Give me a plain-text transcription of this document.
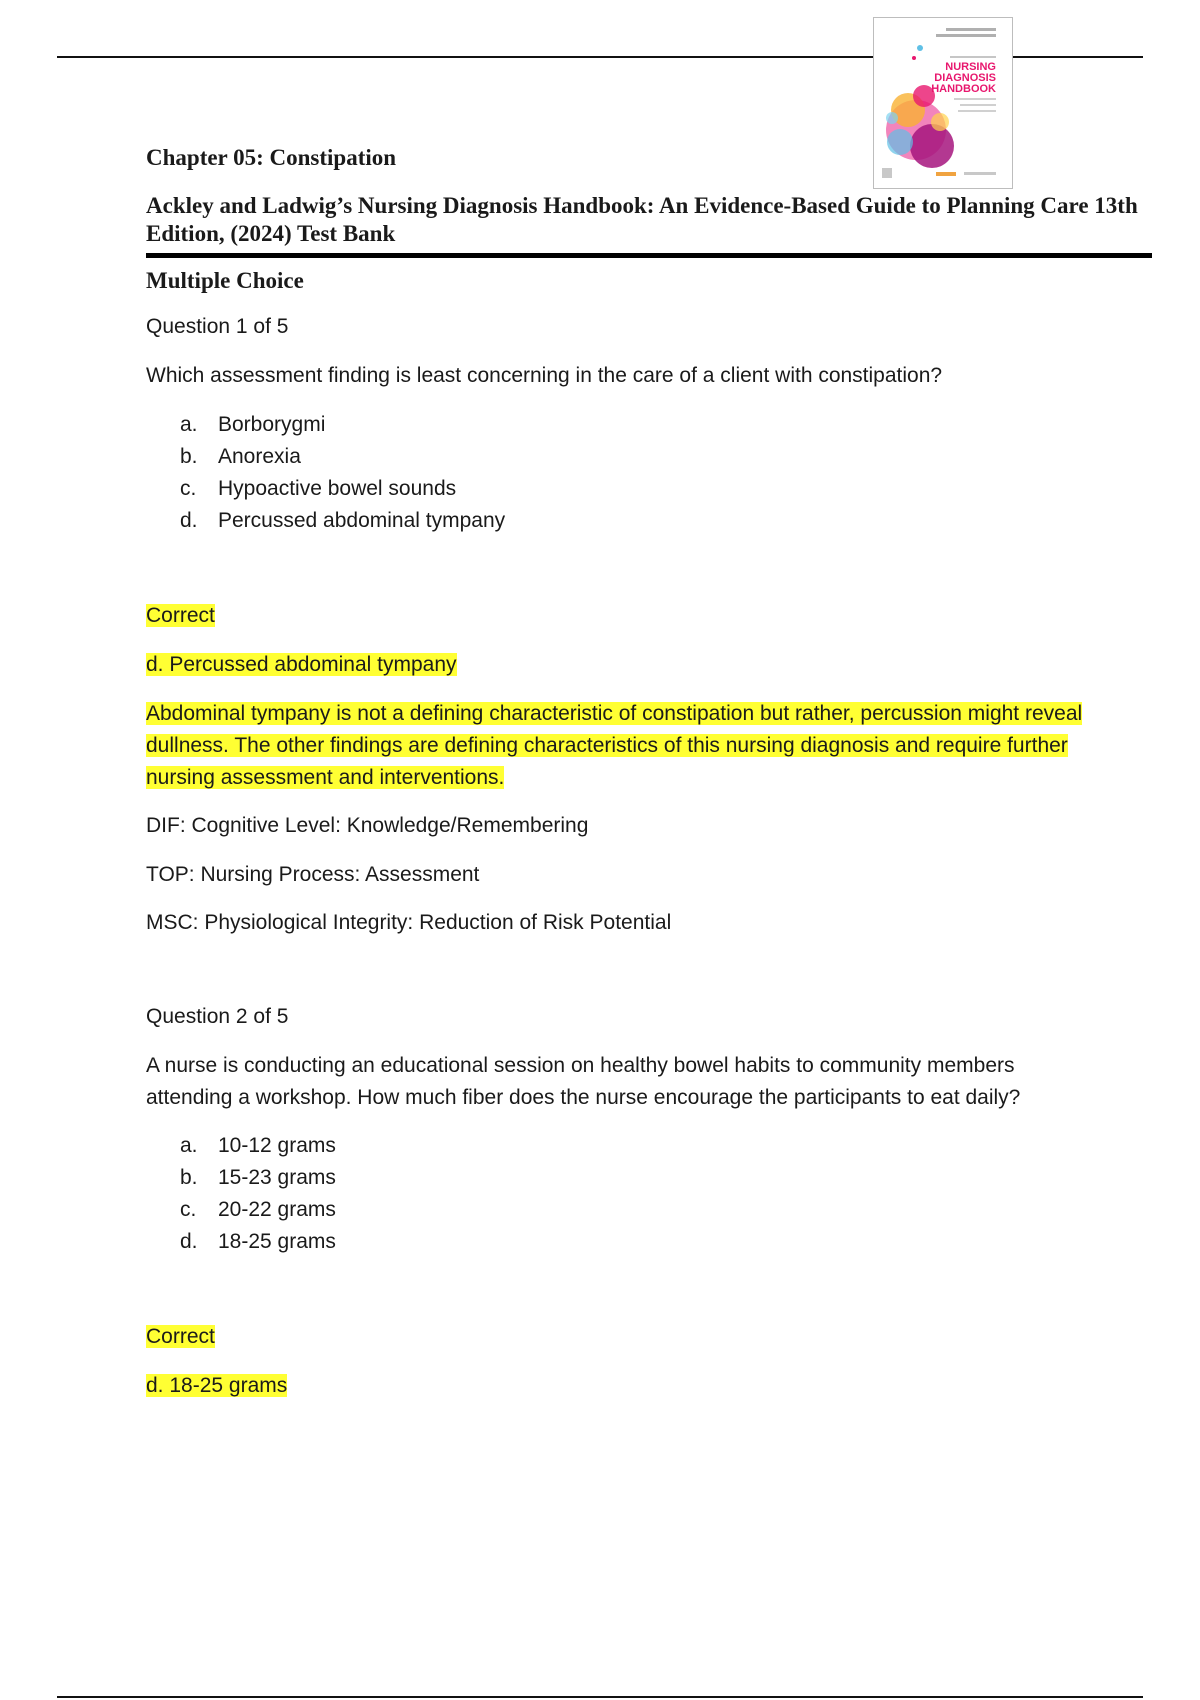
NURSING
DIAGNOSIS
HANDBOOK
Chapter 05: Constipation
Ackley and Ladwig’s Nursing Diagnosis Handbook: An Evidence-Based Guide to Planning Care 13th Edition, (2024) Test Bank
Multiple Choice
Question 1 of 5
Which assessment finding is least concerning in the care of a client with constipation?
a. Borborygmi
b. Anorexia
c. Hypoactive bowel sounds
d. Percussed abdominal tympany
Correct
d. Percussed abdominal tympany
Abdominal tympany is not a defining characteristic of constipation but rather, percussion might reveal dullness. The other findings are defining characteristics of this nursing diagnosis and require further nursing assessment and interventions.
DIF: Cognitive Level: Knowledge/Remembering
TOP: Nursing Process: Assessment
MSC: Physiological Integrity: Reduction of Risk Potential
Question 2 of 5
A nurse is conducting an educational session on healthy bowel habits to community members attending a workshop. How much fiber does the nurse encourage the participants to eat daily?
a. 10-12 grams
b. 15-23 grams
c. 20-22 grams
d. 18-25 grams
Correct
d. 18-25 grams
